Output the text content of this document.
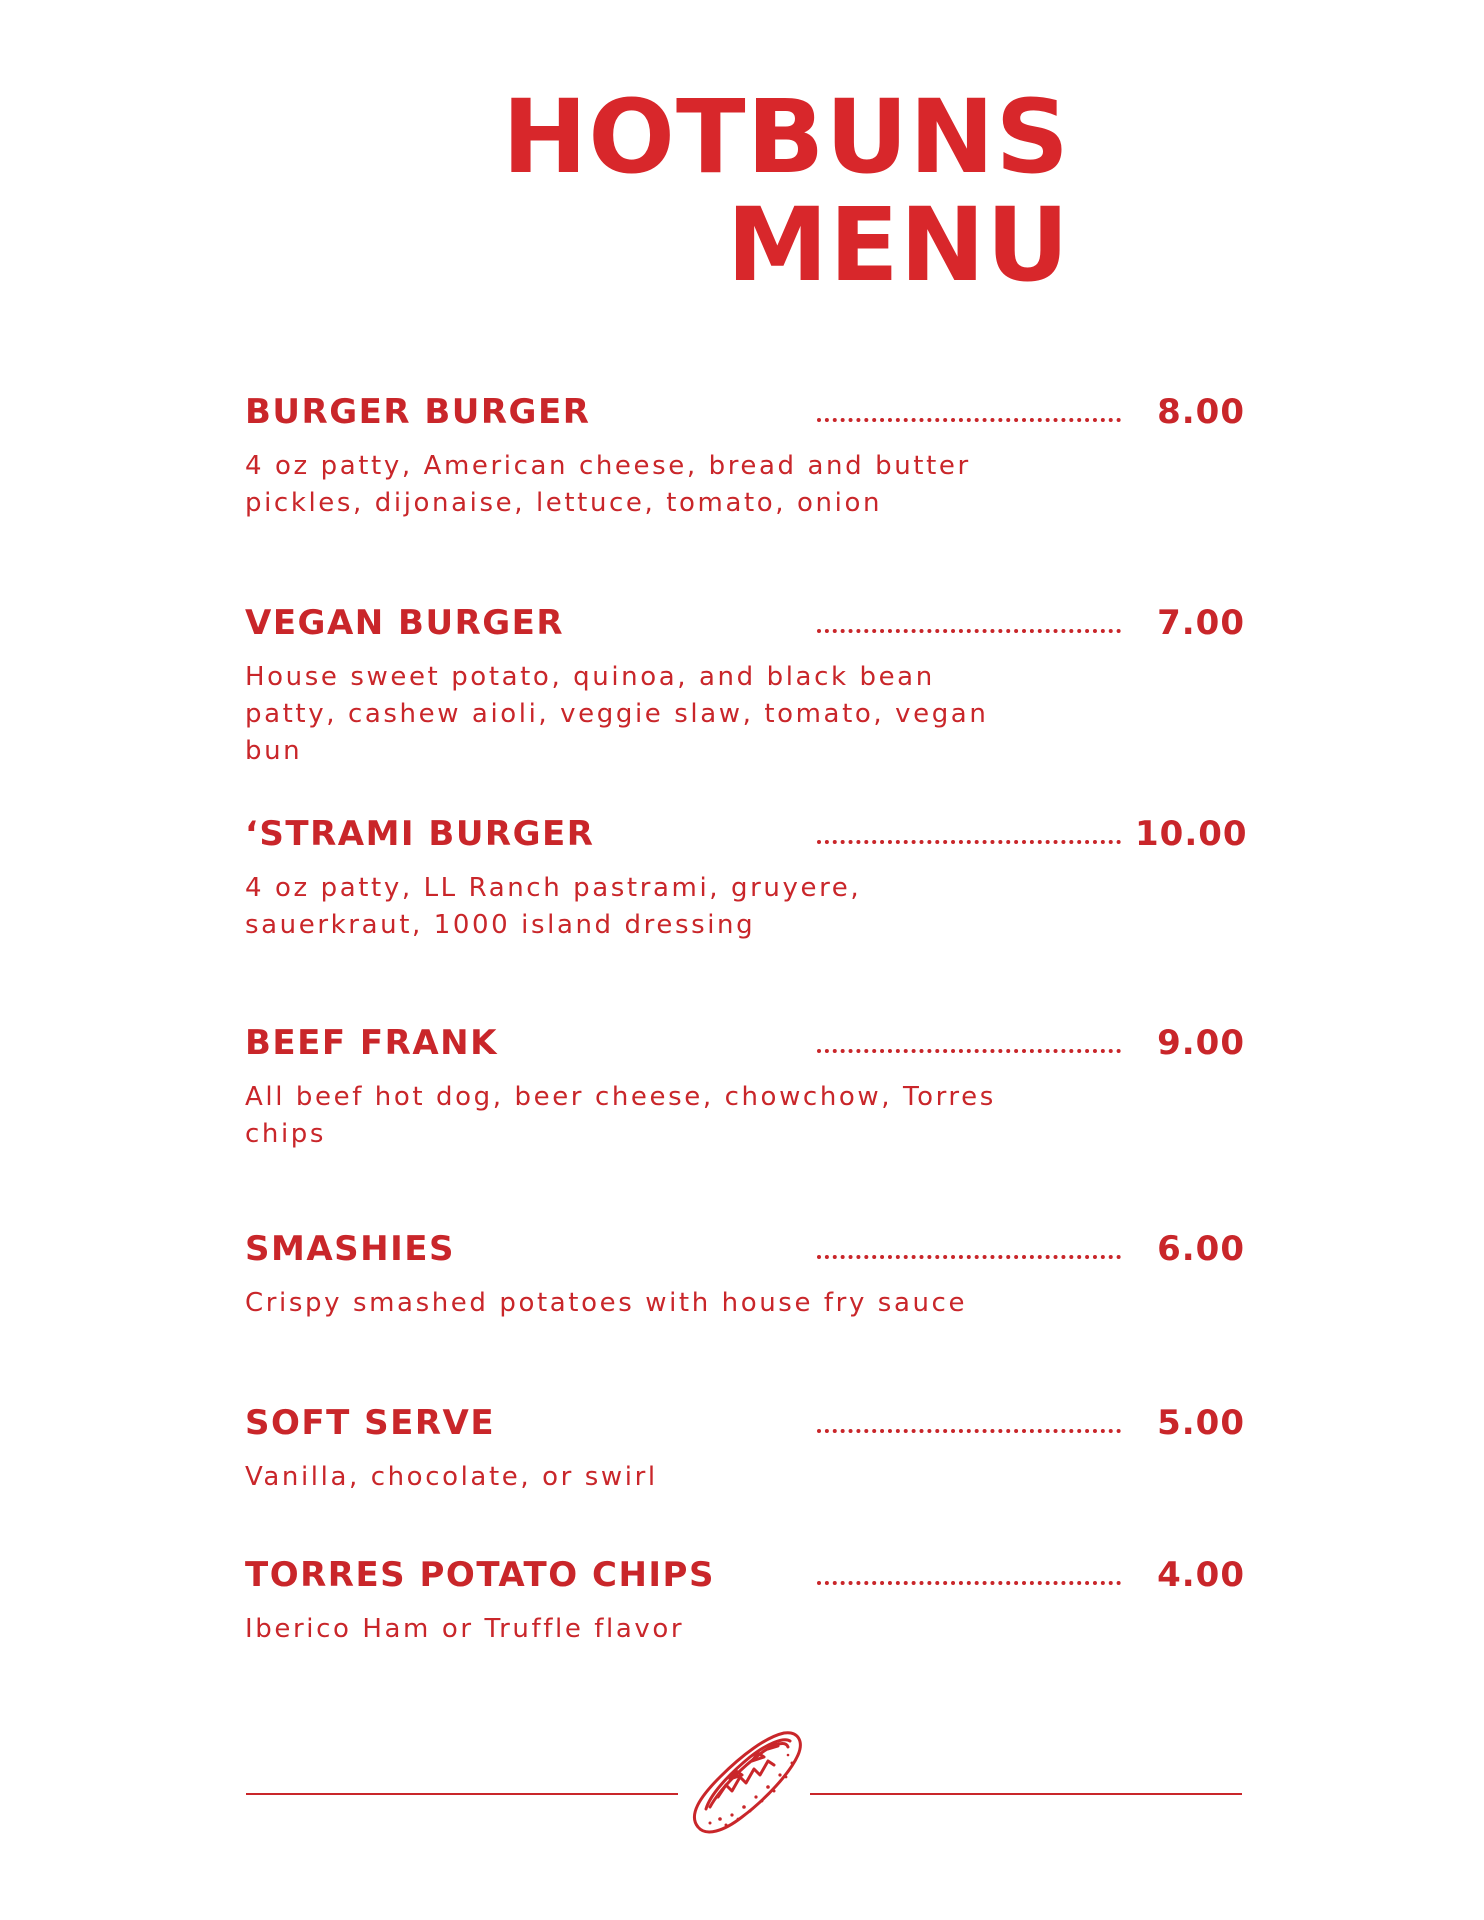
HOTBUNS
MENU
BURGER BURGER	8.00
4 oz patty, American cheese, bread and butter pickles, dijonaise, lettuce, tomato, onion
VEGAN BURGER	7.00
House sweet potato, quinoa, and black bean patty, cashew aioli, veggie slaw, tomato, vegan bun
‘STRAMI BURGER	10.00
4 oz patty, LL Ranch pastrami, gruyere, sauerkraut, 1000 island dressing
BEEF FRANK	9.00
All beef hot dog, beer cheese, chowchow, Torres chips
SMASHIES	6.00
Crispy smashed potatoes with house fry sauce
SOFT SERVE	5.00
Vanilla, chocolate, or swirl
TORRES POTATO CHIPS	4.00
Iberico Ham or Truffle flavor
